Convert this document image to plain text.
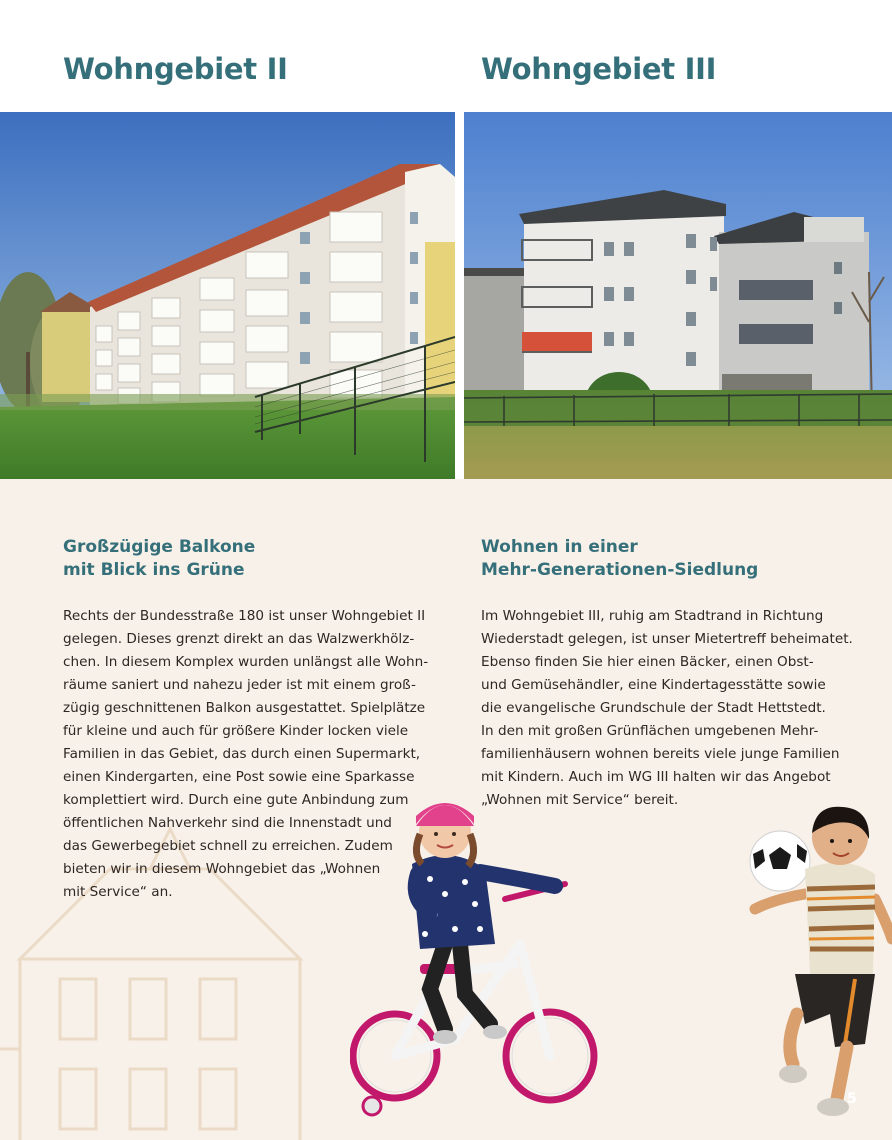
Wohngebiet II	Wohngebiet III
Großzügige Balkone
mit Blick ins Grüne
Wohnen in einer
Mehr-Generationen-Siedlung
Rechts der Bundesstraße 180 ist unser Wohngebiet II
gelegen. Dieses grenzt direkt an das Walzwerkhölz-
chen. In diesem Komplex wurden unlängst alle Wohn-
räume saniert und nahezu jeder ist mit einem groß-
zügig geschnittenen Balkon ausgestattet. Spielplätze
für kleine und auch für größere Kinder locken viele
Familien in das Gebiet, das durch einen Supermarkt,
einen Kindergarten, eine Post sowie eine Sparkasse
komplettiert wird. Durch eine gute Anbindung zum
öffentlichen Nahverkehr sind die Innenstadt und
das Gewerbegebiet schnell zu erreichen. Zudem
bieten wir in diesem Wohngebiet das „Wohnen
mit Service“ an.
Im Wohngebiet III, ruhig am Stadtrand in Richtung
Wiederstadt gelegen, ist unser Mietertreff beheimatet.
Ebenso finden Sie hier einen Bäcker, einen Obst-
und Gemüsehändler, eine Kindertagesstätte sowie
die evangelische Grundschule der Stadt Hettstedt.
In den mit großen Grünflächen umgebenen Mehr-
familienhäusern wohnen bereits viele junge Familien
mit Kindern. Auch im WG III halten wir das Angebot
„Wohnen mit Service“ bereit.
5
